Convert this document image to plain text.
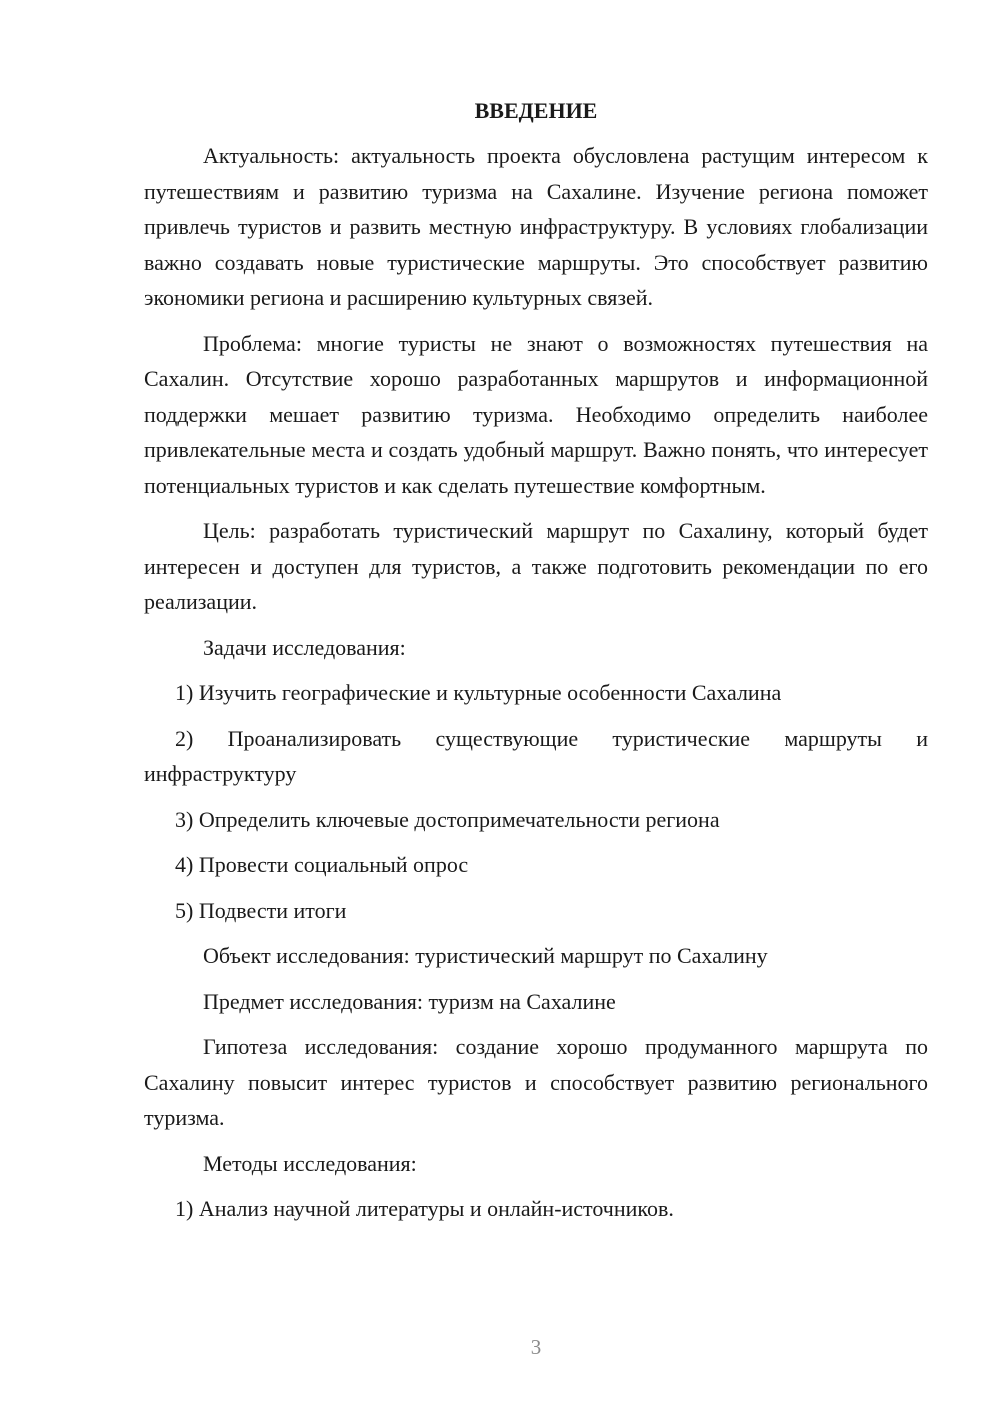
ВВЕДЕНИЕ

Актуальность: актуальность проекта обусловлена растущим интересом к путешествиям и развитию туризма на Сахалине. Изучение региона поможет привлечь туристов и развить местную инфраструктуру. В условиях глобализации важно создавать новые туристические маршруты. Это способствует развитию экономики региона и расширению культурных связей.

Проблема: многие туристы не знают о возможностях путешествия на Сахалин. Отсутствие хорошо разработанных маршрутов и информационной поддержки мешает развитию туризма. Необходимо определить наиболее привлекательные места и создать удобный маршрут. Важно понять, что интересует потенциальных туристов и как сделать путешествие комфортным.

Цель: разработать туристический маршрут по Сахалину, который будет интересен и доступен для туристов, а также подготовить рекомендации по его реализации.

Задачи исследования:

1) Изучить географические и культурные особенности Сахалина

2) Проанализировать существующие туристические маршруты и инфраструктуру

3) Определить ключевые достопримечательности региона

4) Провести социальный опрос

5) Подвести итоги

Объект исследования: туристический маршрут по Сахалину

Предмет исследования: туризм на Сахалине

Гипотеза исследования: создание хорошо продуманного маршрута по Сахалину повысит интерес туристов и способствует развитию регионального туризма.

Методы исследования:

1) Анализ научной литературы и онлайн-источников.

3
